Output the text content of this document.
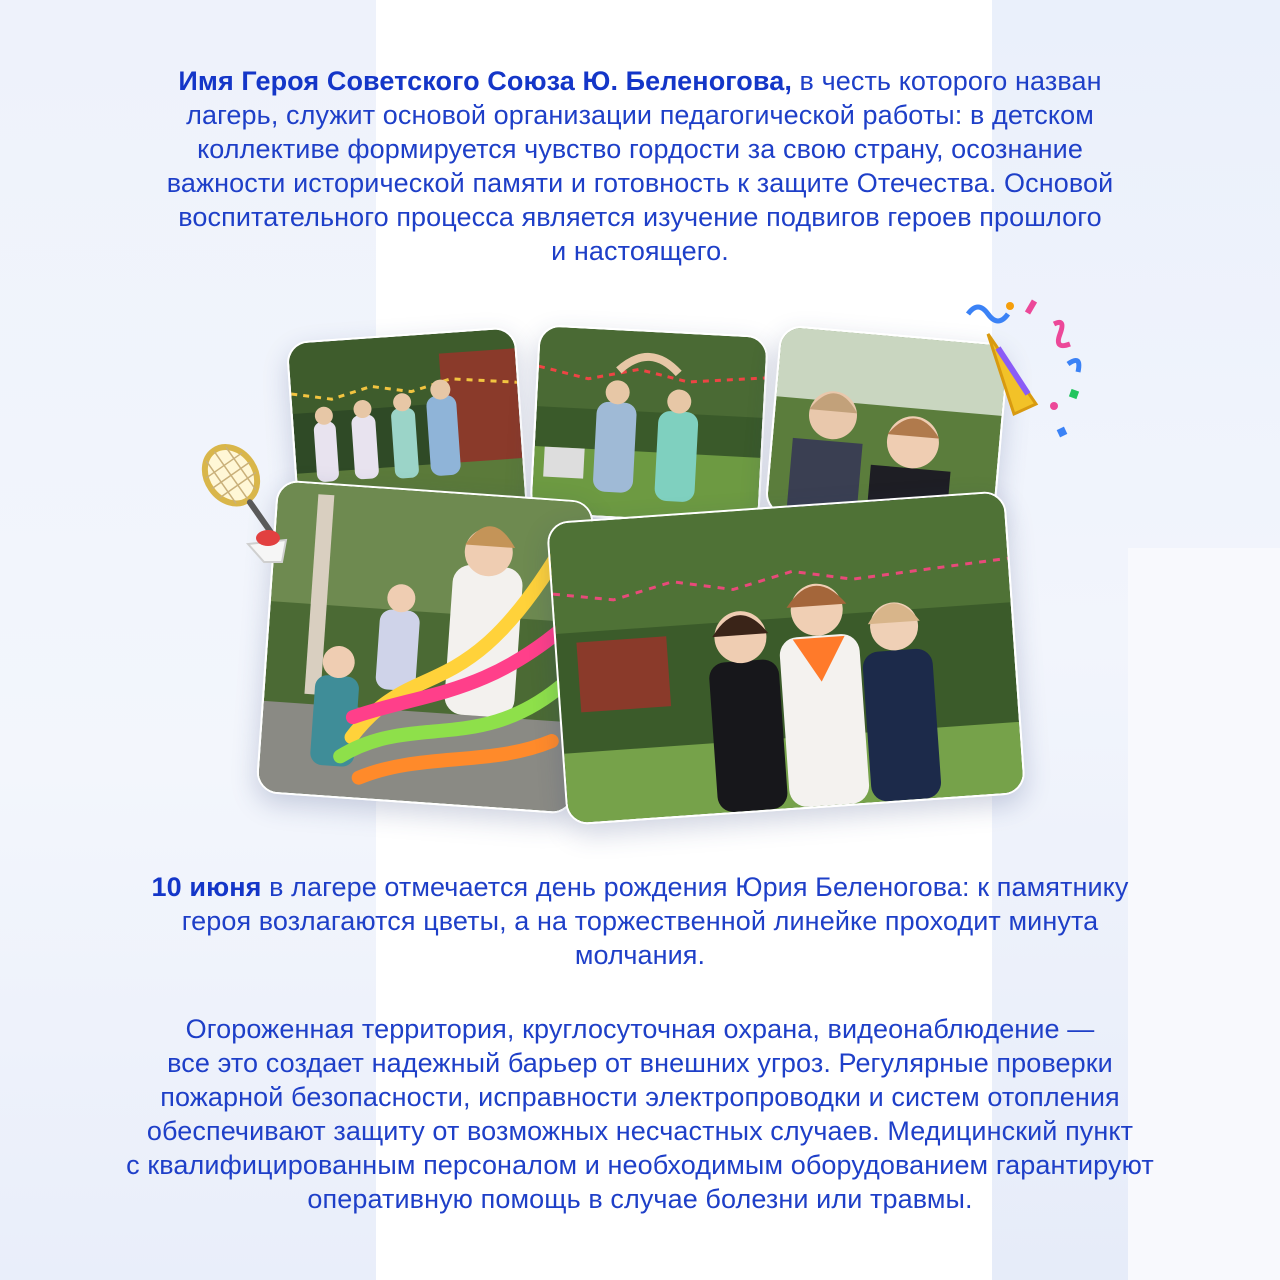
Имя Героя Советского Союза Ю. Беленогова, в честь которого назван
лагерь, служит основой организации педагогической работы: в детском
коллективе формируется чувство гордости за свою страну, осознание
важности исторической памяти и готовность к защите Отечества. Основой
воспитательного процесса является изучение подвигов героев прошлого
и настоящего.
10 июня в лагере отмечается день рождения Юрия Беленогова: к памятнику
героя возлагаются цветы, а на торжественной линейке проходит минута
молчания.
Огороженная территория, круглосуточная охрана, видеонаблюдение —
все это создает надежный барьер от внешних угроз. Регулярные проверки
пожарной безопасности, исправности электропроводки и систем отопления
обеспечивают защиту от возможных несчастных случаев. Медицинский пункт
с квалифицированным персоналом и необходимым оборудованием гарантируют
оперативную помощь в случае болезни или травмы.
